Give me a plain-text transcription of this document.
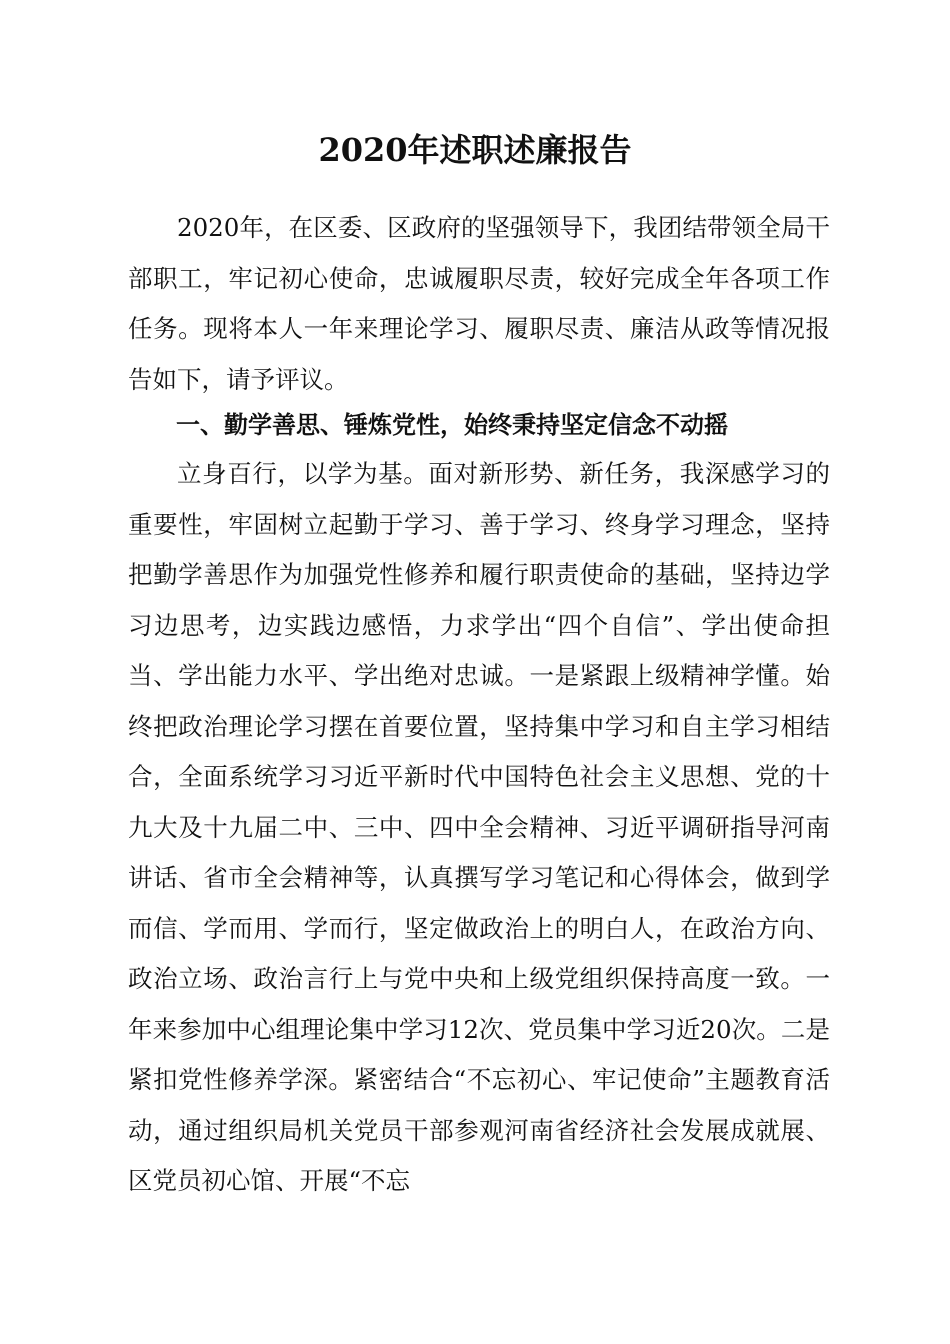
2020年述职述廉报告

2020年，在区委、区政府的坚强领导下，我团结带领全局干部职工，牢记初心使命，忠诚履职尽责，较好完成全年各项工作任务。现将本人一年来理论学习、履职尽责、廉洁从政等情况报告如下，请予评议。

一、勤学善思、锤炼党性，始终秉持坚定信念不动摇

立身百行，以学为基。面对新形势、新任务，我深感学习的重要性，牢固树立起勤于学习、善于学习、终身学习理念，坚持把勤学善思作为加强党性修养和履行职责使命的基础，坚持边学习边思考，边实践边感悟，力求学出“四个自信”、学出使命担当、学出能力水平、学出绝对忠诚。一是紧跟上级精神学懂。始终把政治理论学习摆在首要位置，坚持集中学习和自主学习相结合，全面系统学习习近平新时代中国特色社会主义思想、党的十九大及十九届二中、三中、四中全会精神、习近平调研指导河南讲话、省市全会精神等，认真撰写学习笔记和心得体会，做到学而信、学而用、学而行，坚定做政治上的明白人，在政治方向、政治立场、政治言行上与党中央和上级党组织保持高度一致。一年来参加中心组理论集中学习12次、党员集中学习近20次。二是紧扣党性修养学深。紧密结合“不忘初心、牢记使命”主题教育活动，通过组织局机关党员干部参观河南省经济社会发展成就展、区党员初心馆、开展“不忘
